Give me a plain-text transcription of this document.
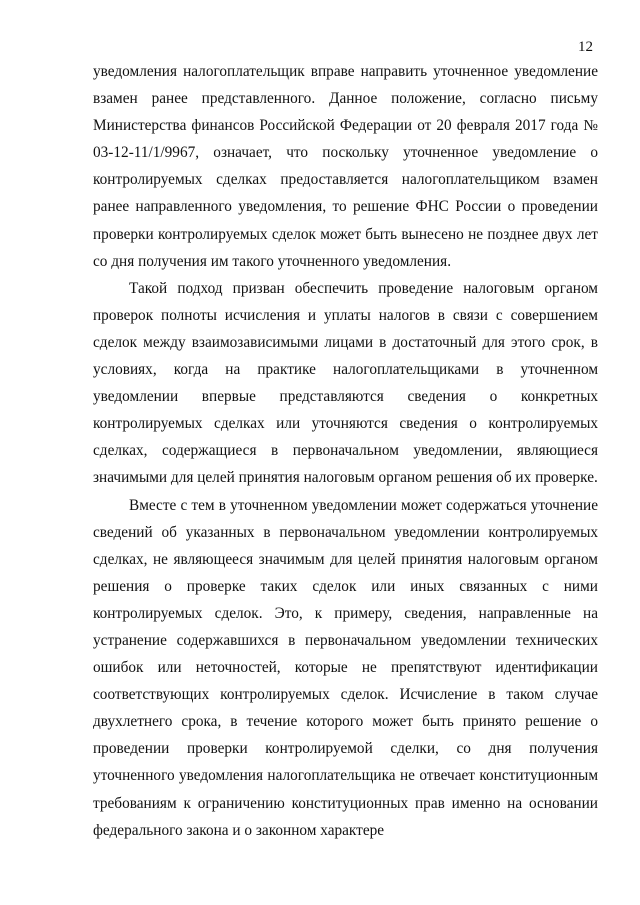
12

уведомления налогоплательщик вправе направить уточненное уведомление взамен ранее представленного. Данное положение, согласно письму Министерства финансов Российской Федерации от 20 февраля 2017 года № 03-12-11/1/9967, означает, что поскольку уточненное уведомление о контролируемых сделках предоставляется налогоплательщиком взамен ранее направленного уведомления, то решение ФНС России о проведении проверки контролируемых сделок может быть вынесено не позднее двух лет со дня получения им такого уточненного уведомления.

Такой подход призван обеспечить проведение налоговым органом проверок полноты исчисления и уплаты налогов в связи с совершением сделок между взаимозависимыми лицами в достаточный для этого срок, в условиях, когда на практике налогоплательщиками в уточненном уведомлении впервые представляются сведения о конкретных контролируемых сделках или уточняются сведения о контролируемых сделках, содержащиеся в первоначальном уведомлении, являющиеся значимыми для целей принятия налоговым органом решения об их проверке.

Вместе с тем в уточненном уведомлении может содержаться уточнение сведений об указанных в первоначальном уведомлении контролируемых сделках, не являющееся значимым для целей принятия налоговым органом решения о проверке таких сделок или иных связанных с ними контролируемых сделок. Это, к примеру, сведения, направленные на устранение содержавшихся в первоначальном уведомлении технических ошибок или неточностей, которые не препятствуют идентификации соответствующих контролируемых сделок. Исчисление в таком случае двухлетнего срока, в течение которого может быть принято решение о проведении проверки контролируемой сделки, со дня получения уточненного уведомления налогоплательщика не отвечает конституционным требованиям к ограничению конституционных прав именно на основании федерального закона и о законном характере
